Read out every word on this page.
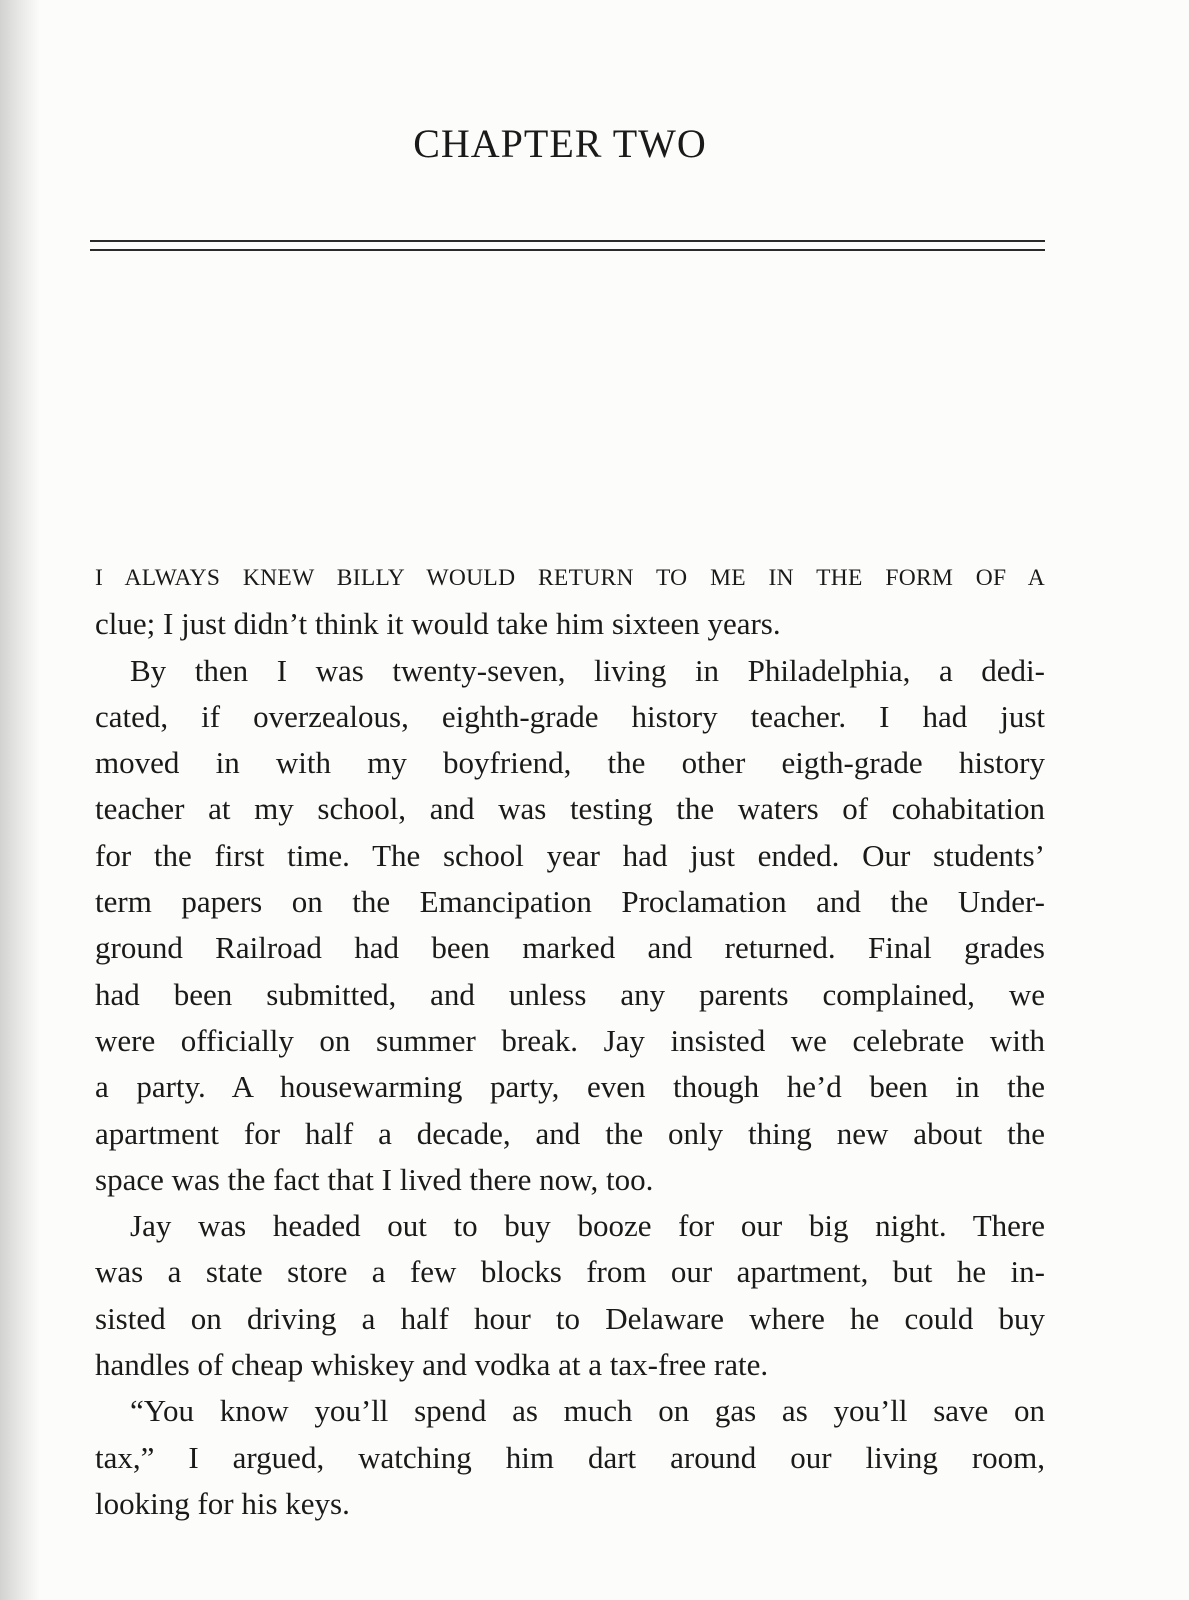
CHAPTER TWO
I ALWAYS KNEW BILLY WOULD RETURN TO ME IN THE FORM OF A
clue; I just didn’t think it would take him sixteen years.
By then I was twenty-seven, living in Philadelphia, a dedi-
cated, if overzealous, eighth-grade history teacher. I had just
moved in with my boyfriend, the other eigth-grade history
teacher at my school, and was testing the waters of cohabitation
for the first time. The school year had just ended. Our students’
term papers on the Emancipation Proclamation and the Under-
ground Railroad had been marked and returned. Final grades
had been submitted, and unless any parents complained, we
were officially on summer break. Jay insisted we celebrate with
a party. A housewarming party, even though he’d been in the
apartment for half a decade, and the only thing new about the
space was the fact that I lived there now, too.
Jay was headed out to buy booze for our big night. There
was a state store a few blocks from our apartment, but he in-
sisted on driving a half hour to Delaware where he could buy
handles of cheap whiskey and vodka at a tax-free rate.
“You know you’ll spend as much on gas as you’ll save on
tax,” I argued, watching him dart around our living room,
looking for his keys.
